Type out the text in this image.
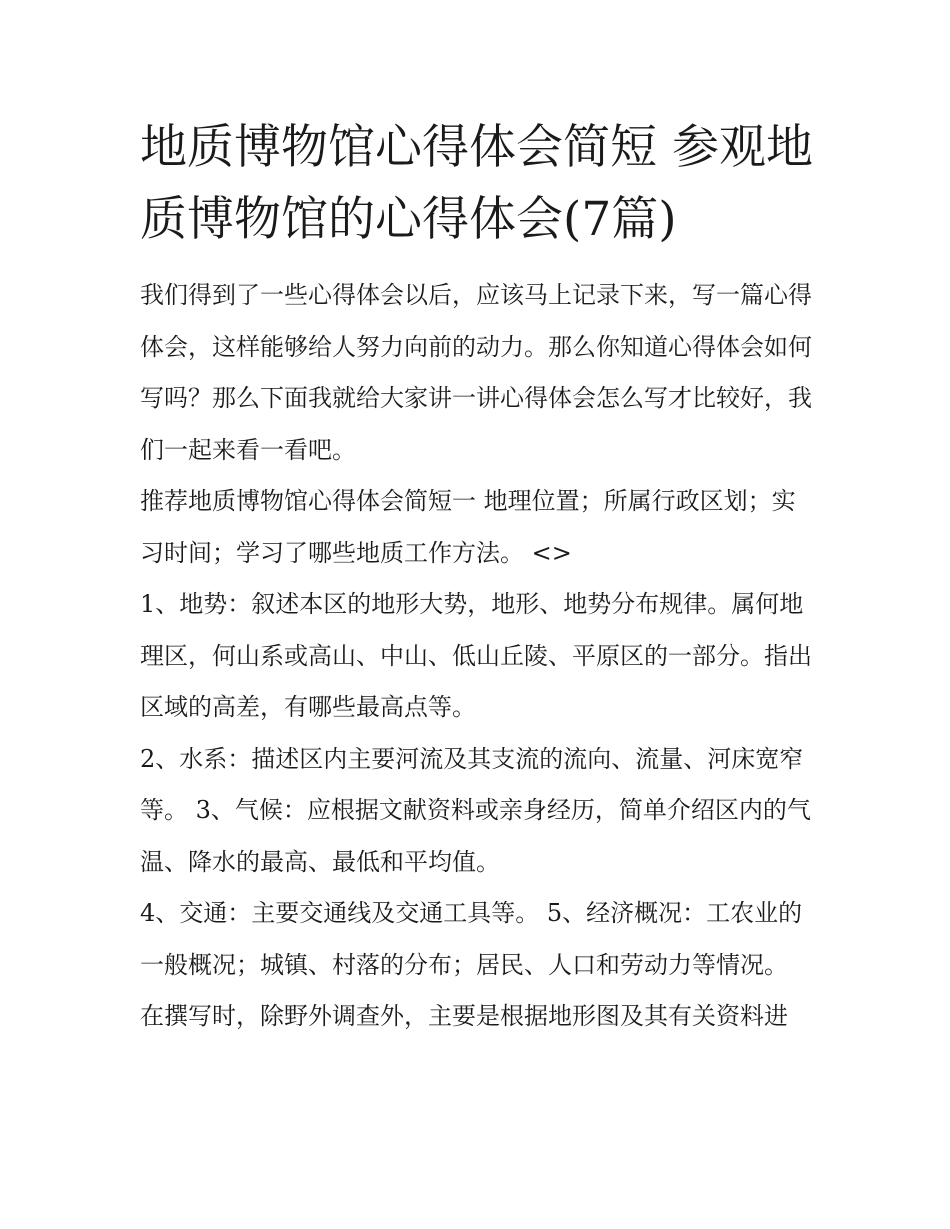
地质博物馆心得体会简短 参观地质博物馆的心得体会(7篇)

我们得到了一些心得体会以后，应该马上记录下来，写一篇心得体会，这样能够给人努力向前的动力。那么你知道心得体会如何写吗？那么下面我就给大家讲一讲心得体会怎么写才比较好，我们一起来看一看吧。

推荐地质博物馆心得体会简短一 地理位置；所属行政区划；实习时间；学习了哪些地质工作方法。 <>

1、地势：叙述本区的地形大势，地形、地势分布规律。属何地理区，何山系或高山、中山、低山丘陵、平原区的一部分。指出区域的高差，有哪些最高点等。

2、水系：描述区内主要河流及其支流的流向、流量、河床宽窄等。 3、气候：应根据文献资料或亲身经历，简单介绍区内的气温、降水的最高、最低和平均值。

4、交通：主要交通线及交通工具等。 5、经济概况：工农业的一般概况；城镇、村落的分布；居民、人口和劳动力等情况。

在撰写时，除野外调查外，主要是根据地形图及其有关资料进
